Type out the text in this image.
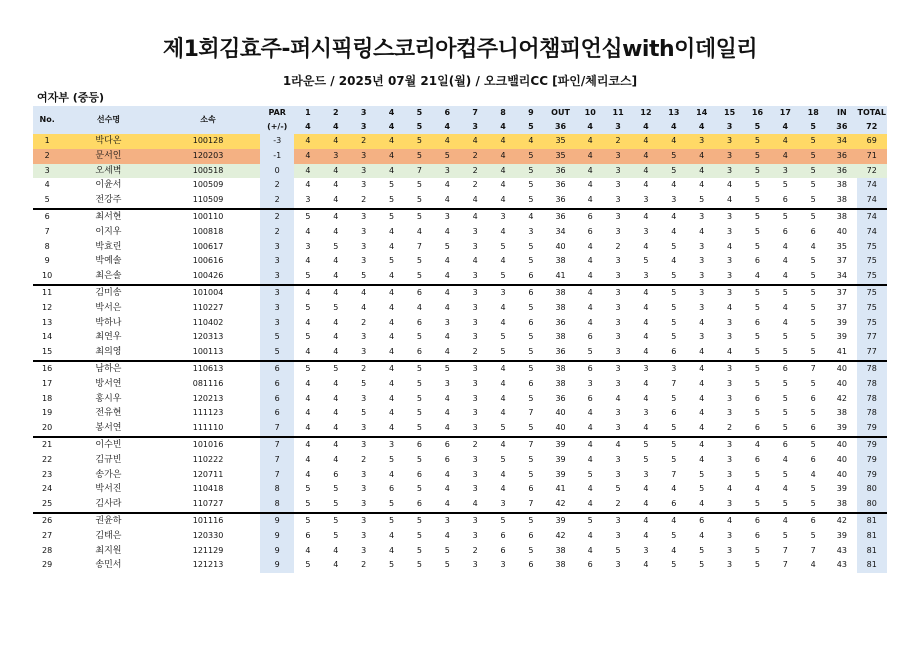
제1회김효주-퍼시픽링스코리아컵주니어챔피언십with이데일리
1라운드 / 2025년 07월 21일(월) / 오크밸리CC [파인/체리코스]
여자부 (중등)
No.	선수명	소속	PAR	1	2	3	4	5	6	7	8	9	OUT	10	11	12	13	14	15	16	17	18	IN	TOTAL
			(+/-)	4	4	3	4	5	4	3	4	5	36	4	3	4	4	4	3	5	4	5	36	72
1	박다온	100128	-3	4	4	2	4	5	4	4	4	4	35	4	2	4	4	3	3	5	4	5	34	69
2	문서인	120203	-1	4	3	3	4	5	5	2	4	5	35	4	3	4	5	4	3	5	4	5	36	71
3	오세벽	100518	0	4	4	3	4	7	3	2	4	5	36	4	3	4	5	4	3	5	3	5	36	72
4	이윤서	100509	2	4	4	3	5	5	4	2	4	5	36	4	3	4	4	4	4	5	5	5	38	74
5	전강주	110509	2	3	4	2	5	5	4	4	4	5	36	4	3	3	3	5	4	5	6	5	38	74
6	최서현	100110	2	5	4	3	5	5	3	4	3	4	36	6	3	4	4	3	3	5	5	5	38	74
7	이지우	100818	2	4	4	3	4	4	4	3	4	3	34	6	3	3	4	4	3	5	6	6	40	74
8	박효린	100617	3	3	5	3	4	7	5	3	5	5	40	4	2	4	5	3	4	5	4	4	35	75
9	박예솔	100616	3	4	4	3	5	5	4	4	4	5	38	4	3	5	4	3	3	6	4	5	37	75
10	최은솔	100426	3	5	4	5	4	5	4	3	5	6	41	4	3	3	5	3	3	4	4	5	34	75
11	김미송	101004	3	4	4	4	4	6	4	3	3	6	38	4	3	4	5	3	3	5	5	5	37	75
12	박서은	110227	3	5	5	4	4	4	4	3	4	5	38	4	3	4	5	3	4	5	4	5	37	75
13	박하나	110402	3	4	4	2	4	6	3	3	4	6	36	4	3	4	5	4	3	6	4	5	39	75
14	최연우	120313	5	5	4	3	4	5	4	3	5	5	38	6	3	4	5	3	3	5	5	5	39	77
15	최의영	100113	5	4	4	3	4	6	4	2	5	5	36	5	3	4	6	4	4	5	5	5	41	77
16	남하은	110613	6	5	5	2	4	5	5	3	4	5	38	6	3	3	3	4	3	5	6	7	40	78
17	방서연	081116	6	4	4	5	4	5	3	3	4	6	38	3	3	4	7	4	3	5	5	5	40	78
18	홍시우	120213	6	4	4	3	4	5	4	3	4	5	36	6	4	4	5	4	3	6	5	6	42	78
19	전유현	111123	6	4	4	5	4	5	4	3	4	7	40	4	3	3	6	4	3	5	5	5	38	78
20	봉서연	111110	7	4	4	3	4	5	4	3	5	5	40	4	3	4	5	4	2	6	5	6	39	79
21	이수빈	101016	7	4	4	3	3	6	6	2	4	7	39	4	4	5	5	4	3	4	6	5	40	79
22	김규빈	110222	7	4	4	2	5	5	6	3	5	5	39	4	3	5	5	4	3	6	4	6	40	79
23	송가은	120711	7	4	6	3	4	6	4	3	4	5	39	5	3	3	7	5	3	5	5	4	40	79
24	박서진	110418	8	5	5	3	6	5	4	3	4	6	41	4	5	4	4	5	4	4	4	5	39	80
25	김사라	110727	8	5	5	3	5	6	4	4	3	7	42	4	2	4	6	4	3	5	5	5	38	80
26	권윤하	101116	9	5	5	3	5	5	3	3	5	5	39	5	3	4	4	6	4	6	4	6	42	81
27	김태은	120330	9	6	5	3	4	5	4	3	6	6	42	4	3	4	5	4	3	6	5	5	39	81
28	최지원	121129	9	4	4	3	4	5	5	2	6	5	38	4	5	3	4	5	3	5	7	7	43	81
29	송민서	121213	9	5	4	2	5	5	5	3	3	6	38	6	3	4	5	5	3	5	7	4	43	81
